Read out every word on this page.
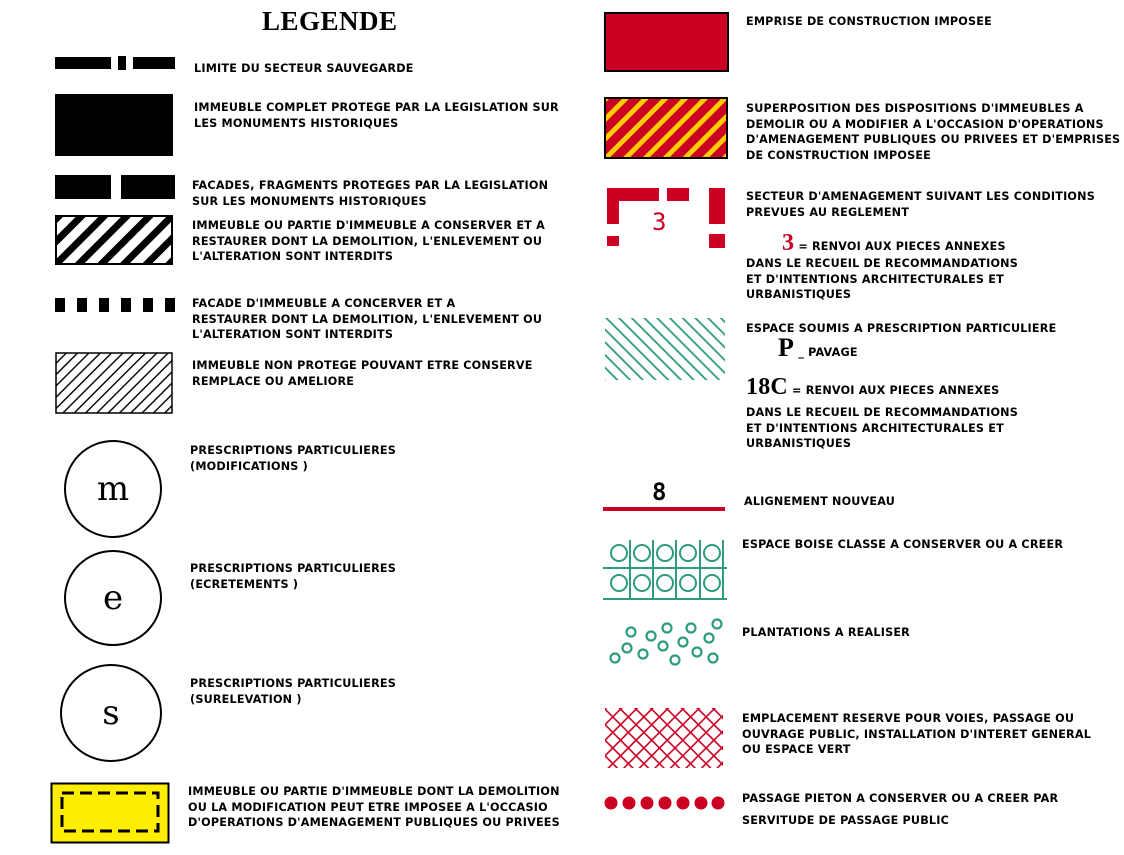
LEGENDE
LIMITE DU SECTEUR SAUVEGARDE
IMMEUBLE COMPLET PROTEGE PAR LA LEGISLATION SUR
LES MONUMENTS HISTORIQUES
FACADES, FRAGMENTS PROTEGES PAR LA LEGISLATION
SUR LES MONUMENTS HISTORIQUES
IMMEUBLE OU PARTIE D'IMMEUBLE A CONSERVER ET A
RESTAURER DONT LA DEMOLITION, L'ENLEVEMENT OU
L'ALTERATION SONT INTERDITS
FACADE D'IMMEUBLE A CONCERVER ET A
RESTAURER DONT LA DEMOLITION, L'ENLEVEMENT OU
L'ALTERATION SONT INTERDITS
IMMEUBLE NON PROTEGE POUVANT ETRE CONSERVE
REMPLACE OU AMELIORE
m
PRESCRIPTIONS PARTICULIERES
(MODIFICATIONS )
e
PRESCRIPTIONS PARTICULIERES
(ECRETEMENTS )
s
PRESCRIPTIONS PARTICULIERES
(SURELEVATION )
IMMEUBLE OU PARTIE D'IMMEUBLE DONT LA DEMOLITION
OU LA MODIFICATION PEUT ETRE IMPOSEE A L'OCCASIO
D'OPERATIONS D'AMENAGEMENT PUBLIQUES OU PRIVEES
EMPRISE DE CONSTRUCTION IMPOSEE
SUPERPOSITION DES DISPOSITIONS D'IMMEUBLES A
DEMOLIR OU A MODIFIER A L'OCCASION D'OPERATIONS
D'AMENAGEMENT PUBLIQUES OU PRIVEES ET D'EMPRISES
DE CONSTRUCTION IMPOSEE
3
SECTEUR D'AMENAGEMENT SUIVANT LES CONDITIONS
PREVUES AU REGLEMENT
3 = RENVOI AUX PIECES ANNEXES
DANS LE RECUEIL DE RECOMMANDATIONS
ET D'INTENTIONS ARCHITECTURALES ET
URBANISTIQUES
ESPACE SOUMIS A PRESCRIPTION PARTICULIERE
P _ PAVAGE
18C = RENVOI AUX PIECES ANNEXES
DANS LE RECUEIL DE RECOMMANDATIONS
ET D'INTENTIONS ARCHITECTURALES ET
URBANISTIQUES
8	ALIGNEMENT NOUVEAU
ESPACE BOISE CLASSE A CONSERVER OU A CREER
PLANTATIONS A REALISER
EMPLACEMENT RESERVE POUR VOIES, PASSAGE OU
OUVRAGE PUBLIC, INSTALLATION D'INTERET GENERAL
OU ESPACE VERT
PASSAGE PIETON A CONSERVER OU A CREER PAR
SERVITUDE DE PASSAGE PUBLIC
